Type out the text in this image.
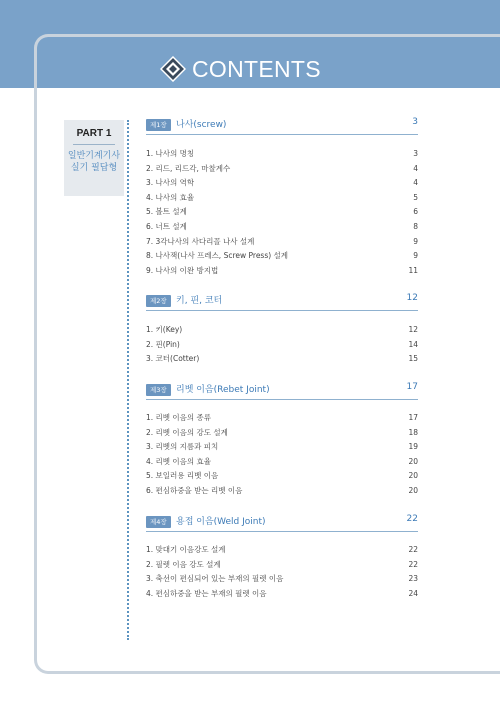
CONTENTS
PART 1
일반기계기사
실기 필답형
제1장	나사(screw)	3
1. 나사의 명칭	3
2. 리드, 리드각, 마찰계수	4
3. 나사의 역학	4
4. 나사의 효율	5
5. 볼트 설계	6
6. 너트 설계	8
7. 3각나사의 사다리꼴 나사 설계	9
8. 나사잭(나사 프레스, Screw Press) 설계	9
9. 나사의 이완 방지법	11
제2장	키, 핀, 코터	12
1. 키(Key)	12
2. 핀(Pin)	14
3. 코터(Cotter)	15
제3장	리벳 이음(Rebet Joint)	17
1. 리벳 이음의 종류	17
2. 리벳 이음의 강도 설계	18
3. 리벳의 지름과 피치	19
4. 리벳 이음의 효율	20
5. 보일러용 리벳 이음	20
6. 편심하중을 받는 리벳 이음	20
제4장	용접 이음(Weld Joint)	22
1. 맞대기 이음강도 설계	22
2. 필렛 이음 강도 설계	22
3. 축선이 편심되어 있는 부재의 필렛 이음	23
4. 편심하중을 받는 부재의 필렛 이음	24
